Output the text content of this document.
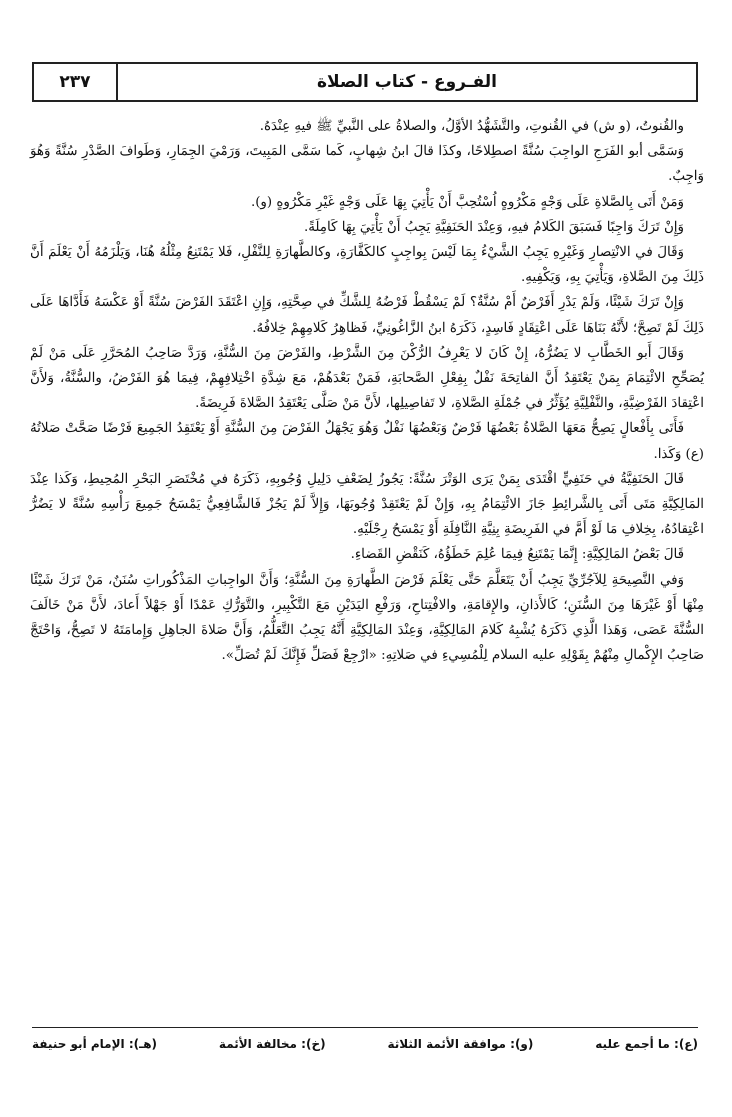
الفـروع - كتاب الصلاة
٢٣٧

والقُنوتُ، (و ش) في القُنوتِ، والتَّشَهُّدُ الأوَّلُ، والصلاةُ على النَّبيِّ ﷺ فيهِ عِنْدَهُ.

وَسَمَّى أبو الفَرَجِ الواجِبَ سُنَّةً اصطِلاحًا، وكذَا قالَ ابنُ شِهابٍ، كَما سَمَّى المَبِيتَ، وَرَمْيَ الجِمَارِ، وَطَوافَ الصَّدْرِ سُنَّةً وَهُوَ وَاجِبٌ.

وَمَنْ أَتَى بِالصَّلاةِ عَلَى وَجْهٍ مَكْرُوهٍ اُسْتُحِبَّ أَنْ يَأْتِيَ بِهَا عَلَى وَجْهٍ غَيْرِ مَكْرُوهٍ (و).

وَإِنْ تَرَكَ وَاجِبًا فَسَبَقَ الكَلامُ فيهِ، وَعِنْدَ الحَنَفِيَّةِ يَجِبُ أَنْ يَأْتِيَ بِهَا كَامِلَةً.

وَقَالَ في الانْتِصارِ وَغَيْرِهِ يَجِبُ الشَّيْءُ بِمَا لَيْسَ بِواجِبٍ كالكَفَّارَةِ، وكالطَّهارَةِ لِلنَّفْلِ، فَلا يَمْتَنِعُ مِثْلُهُ هُنَا، وَيَلْزَمُهُ أَنْ يَعْلَمَ أَنَّ ذَلِكَ مِنَ الصَّلاةِ، وَيَأْتِيَ بِهِ، وَيَكْفِيهِ.

وَإِنْ تَرَكَ شَيْئًا، وَلَمْ يَدْرِ أَفَرْضٌ أَمْ سُنَّةٌ؟ لَمْ يَسْقُطْ فَرْضُهُ لِلشَّكِّ في صِحَّتِهِ، وَإِنِ اعْتَقَدَ الفَرْضَ سُنَّةً أَوْ عَكْسَهُ فَأَدَّاهَا عَلَى ذَلِكَ لَمْ تَصِحَّ؛ لأَنَّهُ بَنَاهَا عَلَى اعْتِقَادٍ فَاسِدٍ، ذَكَرَهُ ابنُ الزَّاغُونِيِّ، فَظاهِرُ كَلامِهِمْ خِلافُهُ.

وَقَالَ أَبو الخَطَّابِ لا يَضُرُّهُ، إِنْ كَانَ لا يَعْرِفُ الرُّكْنَ مِنَ الشَّرْطِ، والفَرْضَ مِنَ السُّنَّةِ، وَرَدَّ صَاحِبُ المُحَرَّرِ عَلَى مَنْ لَمْ يُصَحِّحِ الائْتِمَامَ بِمَنْ يَعْتَقِدُ أَنَّ الفاتِحَةَ نَفْلٌ بِفِعْلِ الصَّحابَةِ، فَمَنْ بَعْدَهُمْ، مَعَ شِدَّةِ اخْتِلافِهِمْ، فِيمَا هُوَ الفَرْضُ، والسُّنَّةُ، وَلأَنَّ اعْتِقادَ الفَرْضِيَّةِ، والنَّفْلِيَّةِ يُؤَثِّرُ في جُمْلَةِ الصَّلاةِ، لا تَفاصِيلِها، لأَنَّ مَنْ صَلَّى يَعْتَقِدُ الصَّلاةَ فَرِيضَةً.

فَأَتَى بِأَفْعالٍ يَصِحُّ مَعَهَا الصَّلاةُ بَعْضُهَا فَرْضٌ وَبَعْضُهَا نَفْلٌ وَهُوَ يَجْهَلُ الفَرْضَ مِنَ السُّنَّةِ أَوْ يَعْتَقِدُ الجَمِيعَ فَرْضًا صَحَّتْ صَلاتُهُ (ع) وَكَذا.

قَالَ الحَنَفِيَّةُ في حَنَفِيٍّ اقْتَدَى بِمَنْ يَرَى الوَتْرَ سُنَّةً: يَجُوزُ لِضَعْفِ دَلِيلِ وُجُوبِهِ، ذَكَرَهُ في مُخْتَصَرِ البَحْرِ المُحِيطِ، وَكَذا عِنْدَ المَالِكِيَّةِ مَتَى أَتَى بِالشَّرائِطِ جَازَ الائْتِمَامُ بِهِ، وَإِنْ لَمْ يَعْتَقِدْ وُجُوبَهَا، وَإِلاَّ لَمْ يَجُزْ فَالشَّافِعِيُّ يَمْسَحُ جَمِيعَ رَأْسِهِ سُنَّةً لا يَضُرُّ اعْتِقادُهُ، بِخِلافِ مَا لَوْ أَمَّ في الفَرِيضَةِ بِنِيَّةِ النَّافِلَةِ أَوْ يَمْسَحُ رِجْلَيْهِ.

قَالَ بَعْضُ المَالِكِيَّةِ: إِنَّمَا يَمْتَنِعُ فِيمَا عُلِمَ خَطَؤُهُ، كَنَقْضِ القَضاءِ.

وَفي النَّصِيحَةِ لِلآجُرِّيِّ يَجِبُ أَنْ يَتَعَلَّمَ حَتَّى يَعْلَمَ فَرْضَ الطَّهارَةِ مِنَ السُّنَّةِ؛ وَأَنَّ الواجِباتِ المَذْكُوراتِ سُنَنٌ، مَنْ تَرَكَ شَيْئًا مِنْهَا أَوْ غَيْرَهَا مِنَ السُّنَنِ؛ كَالأَذانِ، والإِقامَةِ، والافْتِتاحِ، وَرَفْعِ اليَدَيْنِ مَعَ التَّكْبِيرِ، والتَّوَرُّكِ عَمْدًا أَوْ جَهْلاً أَعادَ، لأَنَّ مَنْ خَالَفَ السُّنَّةَ عَصَى، وَهَذا الَّذِي ذَكَرَهُ يُشْبِهُ كَلامَ المَالِكِيَّةِ، وَعِنْدَ المَالِكِيَّةِ أَنَّهُ يَجِبُ التَّعَلُّمُ، وَأَنَّ صَلاةَ الجاهِلِ وَإِمامَتَهُ لا تَصِحُّ، وَاحْتَجَّ صَاحِبُ الإِكْمالِ مِنْهُمْ بِقَوْلِهِ عليه السلام لِلْمُسِيءِ في صَلاتِهِ: «ارْجِعْ فَصَلِّ فَإِنَّكَ لَمْ تُصَلِّ».

(ع): ما أجمع عليه
(و): موافقة الأئمة الثلاثة
(خ): مخالفة الأئمة
(هـ): الإمام أبو حنيفة
